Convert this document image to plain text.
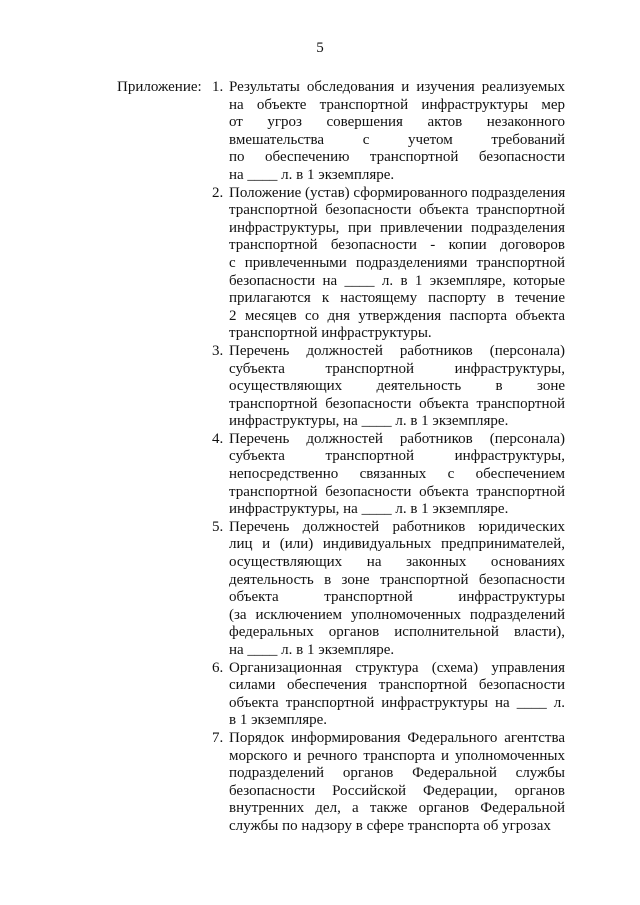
5
Приложение: 1. Результаты обследования и изучения реализуемых
на объекте транспортной инфраструктуры мер
от угроз совершения актов незаконного
вмешательства с учетом требований
по обеспечению транспортной безопасности
на ____ л. в 1 экземпляре.
2. Положение (устав) сформированного подразделения
транспортной безопасности объекта транспортной
инфраструктуры, при привлечении подразделения
транспортной безопасности - копии договоров
с привлеченными подразделениями транспортной
безопасности на ____ л. в 1 экземпляре, которые
прилагаются к настоящему паспорту в течение
2 месяцев со дня утверждения паспорта объекта
транспортной инфраструктуры.
3. Перечень должностей работников (персонала)
субъекта транспортной инфраструктуры,
осуществляющих деятельность в зоне
транспортной безопасности объекта транспортной
инфраструктуры, на ____ л. в 1 экземпляре.
4. Перечень должностей работников (персонала)
субъекта транспортной инфраструктуры,
непосредственно связанных с обеспечением
транспортной безопасности объекта транспортной
инфраструктуры, на ____ л. в 1 экземпляре.
5. Перечень должностей работников юридических
лиц и (или) индивидуальных предпринимателей,
осуществляющих на законных основаниях
деятельность в зоне транспортной безопасности
объекта транспортной инфраструктуры
(за исключением уполномоченных подразделений
федеральных органов исполнительной власти),
на ____ л. в 1 экземпляре.
6. Организационная структура (схема) управления
силами обеспечения транспортной безопасности
объекта транспортной инфраструктуры на ____ л.
в 1 экземпляре.
7. Порядок информирования Федерального агентства
морского и речного транспорта и уполномоченных
подразделений органов Федеральной службы
безопасности Российской Федерации, органов
внутренних дел, а также органов Федеральной
службы по надзору в сфере транспорта об угрозах
